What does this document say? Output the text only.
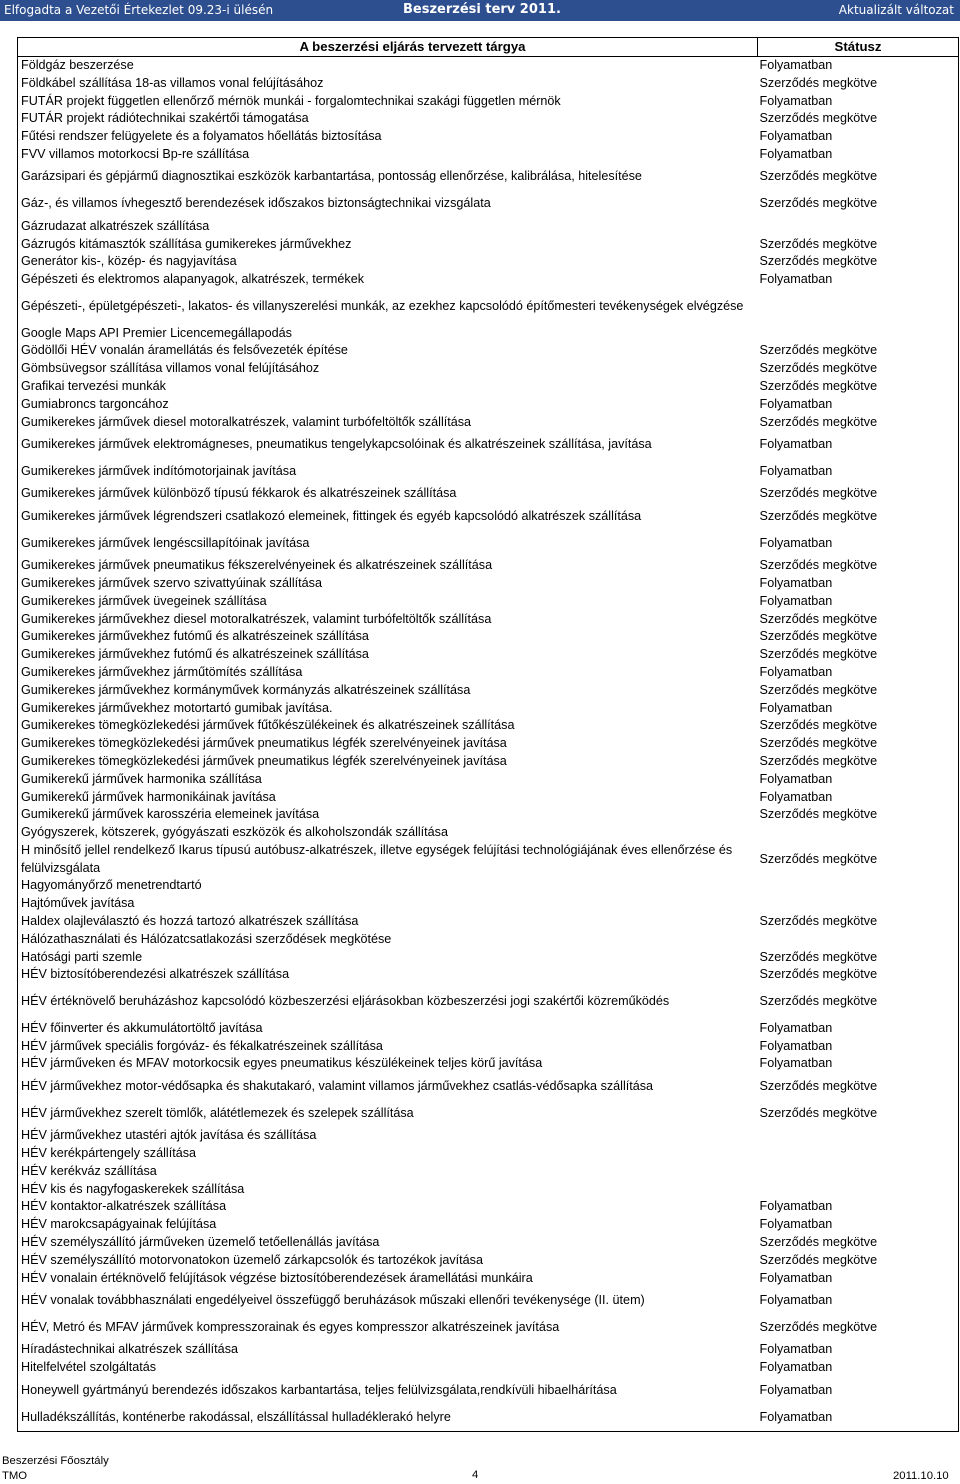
Elfogadta a Vezetői Értekezlet 09.23-i ülésén	Beszerzési terv 2011.	Aktualizált változat
A beszerzési eljárás tervezett tárgya	Státusz
Földgáz beszerzése	Folyamatban
Földkábel szállítása 18-as villamos vonal felújításához	Szerződés megkötve
FUTÁR projekt független ellenőrző mérnök munkái - forgalomtechnikai szakági független mérnök	Folyamatban
FUTÁR projekt rádiótechnikai szakértői támogatása	Szerződés megkötve
Fűtési rendszer felügyelete és a folyamatos hőellátás biztosítása	Folyamatban
FVV villamos motorkocsi Bp-re szállítása	Folyamatban
Garázsipari és gépjármű diagnosztikai eszközök karbantartása, pontosság ellenőrzése, kalibrálása, hitelesítése	Szerződés megkötve
Gáz-, és villamos ívhegesztő berendezések időszakos biztonságtechnikai vizsgálata	Szerződés megkötve
Gázrudazat alkatrészek szállítása	
Gázrugós kitámasztók szállítása gumikerekes járművekhez	Szerződés megkötve
Generátor kis-, közép- és nagyjavítása	Szerződés megkötve
Gépészeti és elektromos alapanyagok, alkatrészek, termékek	Folyamatban
Gépészeti-, épületgépészeti-, lakatos- és villanyszerelési munkák, az ezekhez kapcsolódó építőmesteri tevékenységek elvégzése	
Google Maps API Premier Licencemegállapodás	
Gödöllői HÉV vonalán áramellátás és felsővezeték építése	Szerződés megkötve
Gömbsüvegsor szállítása villamos vonal felújításához	Szerződés megkötve
Grafikai tervezési munkák	Szerződés megkötve
Gumiabroncs targoncához	Folyamatban
Gumikerekes járművek diesel motoralkatrészek, valamint turbófeltöltők szállítása	Szerződés megkötve
Gumikerekes járművek elektromágneses, pneumatikus tengelykapcsolóinak és alkatrészeinek szállítása, javítása	Folyamatban
Gumikerekes járművek indítómotorjainak javítása	Folyamatban
Gumikerekes járművek különböző típusú fékkarok és alkatrészeinek szállítása	Szerződés megkötve
Gumikerekes járművek légrendszeri csatlakozó elemeinek, fittingek és egyéb kapcsolódó alkatrészek szállítása	Szerződés megkötve
Gumikerekes járművek lengéscsillapítóinak javítása	Folyamatban
Gumikerekes járművek pneumatikus fékszerelvényeinek és alkatrészeinek szállítása	Szerződés megkötve
Gumikerekes járművek szervo szivattyúinak szállítása	Folyamatban
Gumikerekes járművek üvegeinek szállítása	Folyamatban
Gumikerekes járművekhez diesel motoralkatrészek, valamint turbófeltöltők szállítása	Szerződés megkötve
Gumikerekes járművekhez futómű és alkatrészeinek szállítása	Szerződés megkötve
Gumikerekes járművekhez futómű és alkatrészeinek szállítása	Szerződés megkötve
Gumikerekes járművekhez járműtömítés szállítása	Folyamatban
Gumikerekes járművekhez kormányművek kormányzás alkatrészeinek szállítása	Szerződés megkötve
Gumikerekes járművekhez motortartó gumibak javítása.	Folyamatban
Gumikerekes tömegközlekedési járművek fűtőkészülékeinek és alkatrészeinek szállítása	Szerződés megkötve
Gumikerekes tömegközlekedési járművek pneumatikus légfék szerelvényeinek javítása	Szerződés megkötve
Gumikerekes tömegközlekedési járművek pneumatikus légfék szerelvényeinek javítása	Szerződés megkötve
Gumikerekű járművek harmonika szállítása	Folyamatban
Gumikerekű járművek harmonikáinak javítása	Folyamatban
Gumikerekű járművek karosszéria elemeinek javítása	Szerződés megkötve
Gyógyszerek, kötszerek, gyógyászati eszközök és alkoholszondák szállítása	
H minősítő jellel rendelkező Ikarus típusú autóbusz-alkatrészek, illetve egységek felújítási technológiájának éves ellenőrzése és felülvizsgálata	Szerződés megkötve
Hagyományőrző menetrendtartó	
Hajtóművek javítása	
Haldex olajleválasztó és hozzá tartozó alkatrészek szállítása	Szerződés megkötve
Hálózathasználati és Hálózatcsatlakozási szerződések megkötése	
Hatósági parti szemle	Szerződés megkötve
HÉV biztosítóberendezési alkatrészek szállítása	Szerződés megkötve
HÉV értéknövelő beruházáshoz kapcsolódó közbeszerzési eljárásokban közbeszerzési jogi szakértői közreműködés	Szerződés megkötve
HÉV főinverter és akkumulátortöltő javítása	Folyamatban
HÉV járművek speciális forgóváz- és fékalkatrészeinek szállítása	Folyamatban
HÉV járműveken és MFAV motorkocsik egyes pneumatikus készülékeinek teljes körű javítása	Folyamatban
HÉV járművekhez motor-védősapka és shakutakaró, valamint villamos járművekhez csatlás-védősapka szállítása	Szerződés megkötve
HÉV járművekhez szerelt tömlők, alátétlemezek és szelepek szállítása	Szerződés megkötve
HÉV járművekhez utastéri ajtók javítása és szállítása	
HÉV kerékpártengely szállítása	
HÉV kerékváz szállítása	
HÉV kis és nagyfogaskerekek szállítása	
HÉV kontaktor-alkatrészek szállítása	Folyamatban
HÉV marokcsapágyainak felújítása	Folyamatban
HÉV személyszállító járműveken üzemelő tetőellenállás javítása	Szerződés megkötve
HÉV személyszállító motorvonatokon üzemelő zárkapcsolók és tartozékok javítása	Szerződés megkötve
HÉV vonalain értéknövelő felújítások végzése biztosítóberendezések áramellátási munkáira	Folyamatban
HÉV vonalak továbbhasználati engedélyeivel összefüggő beruházások műszaki ellenőri tevékenysége (II. ütem)	Folyamatban
HÉV, Metró és MFAV járművek kompresszorainak és egyes kompresszor alkatrészeinek javítása	Szerződés megkötve
Híradástechnikai alkatrészek szállítása	Folyamatban
Hitelfelvétel szolgáltatás	Folyamatban
Honeywell gyártmányú berendezés időszakos karbantartása, teljes felülvizsgálata,rendkívüli hibaelhárítása	Folyamatban
Hulladékszállítás, konténerbe rakodással, elszállítással hulladéklerakó helyre	Folyamatban
Beszerzési Főosztály
TMO	4	2011.10.10
